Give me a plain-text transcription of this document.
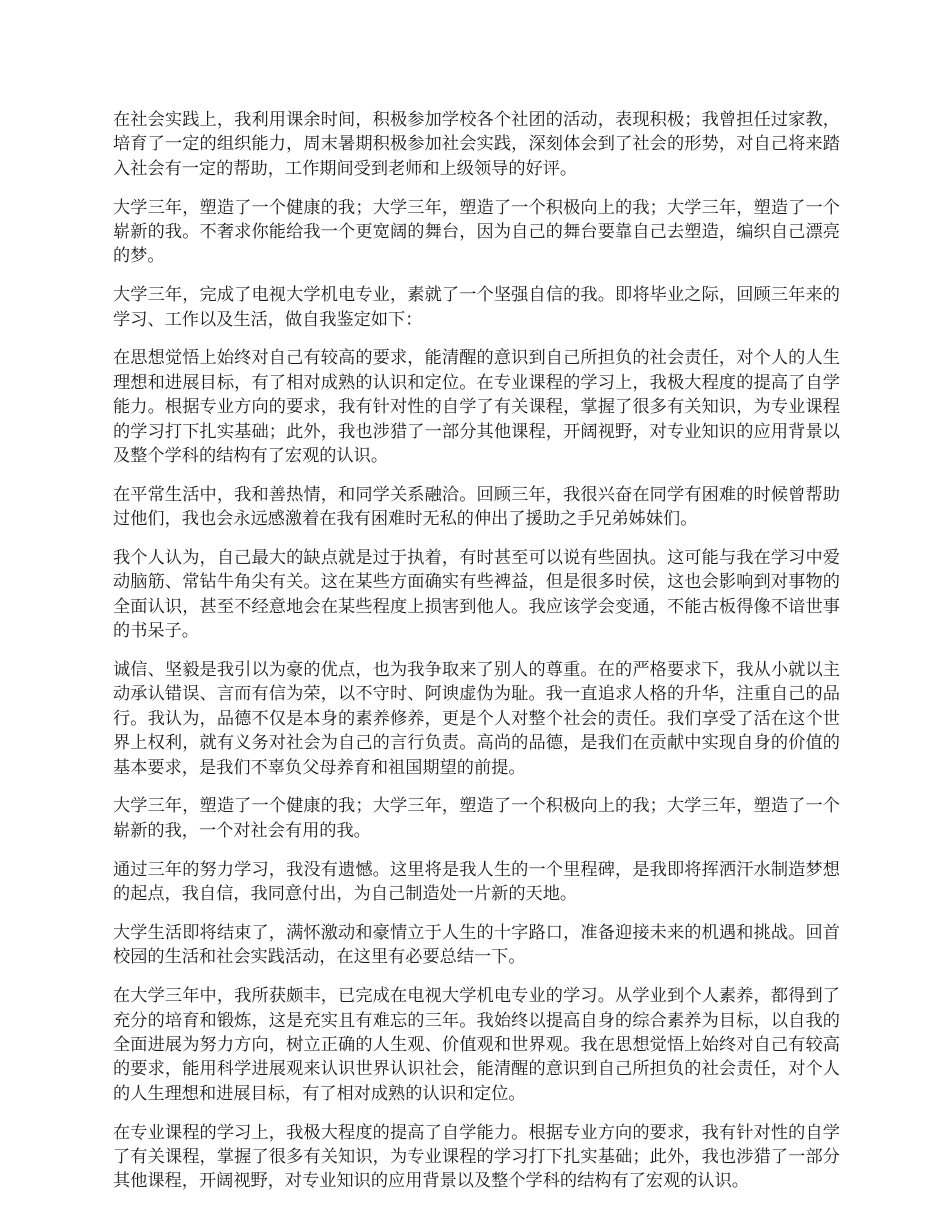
在社会实践上，我利用课余时间，积极参加学校各个社团的活动，表现积极；我曾担任过家教，培育了一定的组织能力，周末暑期积极参加社会实践，深刻体会到了社会的形势，对自己将来踏入社会有一定的帮助，工作期间受到老师和上级领导的好评。

大学三年，塑造了一个健康的我；大学三年，塑造了一个积极向上的我；大学三年，塑造了一个崭新的我。不奢求你能给我一个更宽阔的舞台，因为自己的舞台要靠自己去塑造，编织自己漂亮的梦。

大学三年，完成了电视大学机电专业，素就了一个坚强自信的我。即将毕业之际，回顾三年来的学习、工作以及生活，做自我鉴定如下：

在思想觉悟上始终对自己有较高的要求，能清醒的意识到自己所担负的社会责任，对个人的人生理想和进展目标，有了相对成熟的认识和定位。在专业课程的学习上，我极大程度的提高了自学能力。根据专业方向的要求，我有针对性的自学了有关课程，掌握了很多有关知识，为专业课程的学习打下扎实基础；此外，我也涉猎了一部分其他课程，开阔视野，对专业知识的应用背景以及整个学科的结构有了宏观的认识。

在平常生活中，我和善热情，和同学关系融洽。回顾三年，我很兴奋在同学有困难的时候曾帮助过他们，我也会永远感激着在我有困难时无私的伸出了援助之手兄弟姊妹们。

我个人认为，自己最大的缺点就是过于执着，有时甚至可以说有些固执。这可能与我在学习中爱动脑筋、常钻牛角尖有关。这在某些方面确实有些裨益，但是很多时侯，这也会影响到对事物的全面认识，甚至不经意地会在某些程度上损害到他人。我应该学会变通，不能古板得像不谙世事的书呆子。

诚信、坚毅是我引以为豪的优点，也为我争取来了别人的尊重。在的严格要求下，我从小就以主动承认错误、言而有信为荣，以不守时、阿谀虚伪为耻。我一直追求人格的升华，注重自己的品行。我认为，品德不仅是本身的素养修养，更是个人对整个社会的责任。我们享受了活在这个世界上权利，就有义务对社会为自己的言行负责。高尚的品德，是我们在贡献中实现自身的价值的基本要求，是我们不辜负父母养育和祖国期望的前提。

大学三年，塑造了一个健康的我；大学三年，塑造了一个积极向上的我；大学三年，塑造了一个崭新的我，一个对社会有用的我。

通过三年的努力学习，我没有遗憾。这里将是我人生的一个里程碑，是我即将挥洒汗水制造梦想的起点，我自信，我同意付出，为自己制造处一片新的天地。

大学生活即将结束了，满怀激动和豪情立于人生的十字路口，准备迎接未来的机遇和挑战。回首校园的生活和社会实践活动，在这里有必要总结一下。

在大学三年中，我所获颇丰，已完成在电视大学机电专业的学习。从学业到个人素养，都得到了充分的培育和锻炼，这是充实且有难忘的三年。我始终以提高自身的综合素养为目标，以自我的全面进展为努力方向，树立正确的人生观、价值观和世界观。我在思想觉悟上始终对自己有较高的要求，能用科学进展观来认识世界认识社会，能清醒的意识到自己所担负的社会责任，对个人的人生理想和进展目标，有了相对成熟的认识和定位。

在专业课程的学习上，我极大程度的提高了自学能力。根据专业方向的要求，我有针对性的自学了有关课程，掌握了很多有关知识，为专业课程的学习打下扎实基础；此外，我也涉猎了一部分其他课程，开阔视野，对专业知识的应用背景以及整个学科的结构有了宏观的认识。
